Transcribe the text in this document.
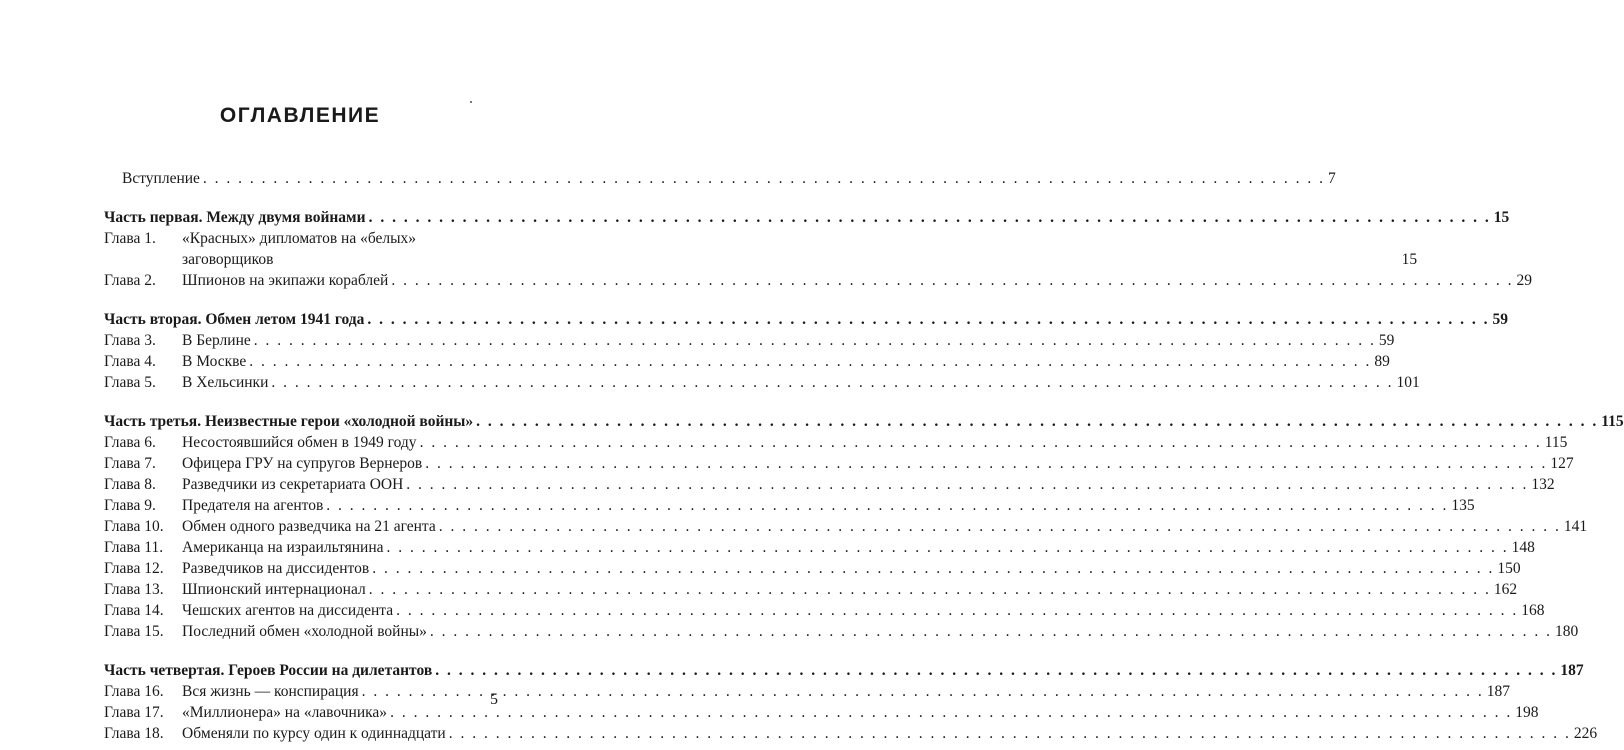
ОГЛАВЛЕНИЕ
Вступление . . .	7
Часть первая. Между двумя войнами . . .	15
Глава 1.	«Красных» дипломатов на «белых»
заговорщиков	15
Глава 2.	Шпионов на экипажи кораблей . . .	29
Часть вторая. Обмен летом 1941 года . . .	59
Глава 3.	В Берлине . . .	59
Глава 4.	В Москве . . .	89
Глава 5.	В Хельсинки . . .	101
Часть третья. Неизвестные герои «холодной войны» . . .	115
Глава 6.	Несостоявшийся обмен в 1949 году . . .	115
Глава 7.	Офицера ГРУ на супругов Вернеров . . .	127
Глава 8.	Разведчики из секретариата ООН . . .	132
Глава 9.	Предателя на агентов . . .	135
Глава 10.	Обмен одного разведчика на 21 агента . . .	141
Глава 11.	Американца на израильтянина . . .	148
Глава 12.	Разведчиков на диссидентов . . .	150
Глава 13.	Шпионский интернационал . . .	162
Глава 14.	Чешских агентов на диссидента . . .	168
Глава 15.	Последний обмен «холодной войны» . . .	180
Часть четвертая. Героев России на дилетантов . . .	187
Глава 16.	Вся жизнь — конспирация . . .	187
Глава 17.	«Миллионера» на «лавочника» . . .	198
Глава 18.	Обменяли по курсу один к одиннадцати . . .	226
5
